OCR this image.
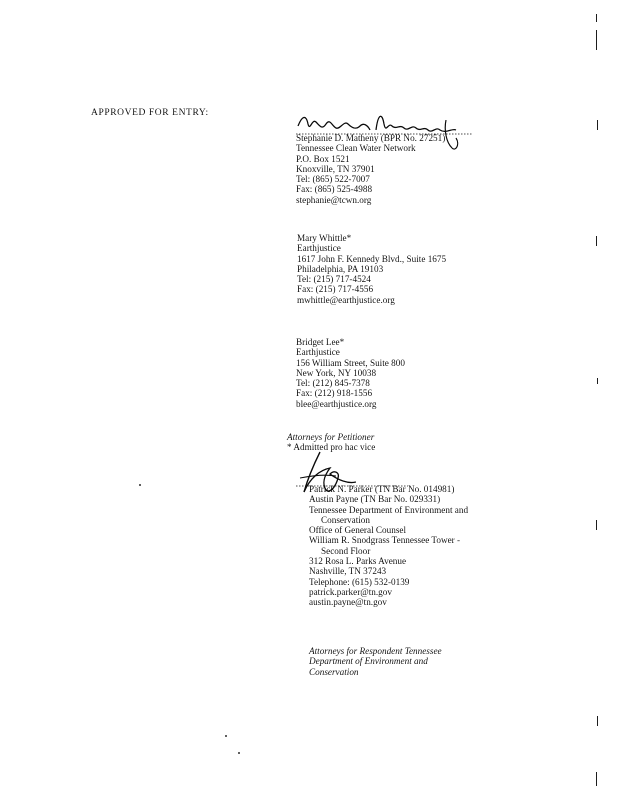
APPROVED FOR ENTRY:
Stephanie D. Matheny (BPR No. 27251)
Tennessee Clean Water Network
P.O. Box 1521
Knoxville, TN 37901
Tel: (865) 522-7007
Fax: (865) 525-4988
stephanie@tcwn.org
Mary Whittle*
Earthjustice
1617 John F. Kennedy Blvd., Suite 1675
Philadelphia, PA 19103
Tel: (215) 717-4524
Fax: (215) 717-4556
mwhittle@earthjustice.org
Bridget Lee*
Earthjustice
156 William Street, Suite 800
New York, NY 10038
Tel: (212) 845-7378
Fax: (212) 918-1556
blee@earthjustice.org
Attorneys for Petitioner
* Admitted pro hac vice
Patrick N. Parker (TN Bar No. 014981)
Austin Payne (TN Bar No. 029331)
Tennessee Department of Environment and
Conservation
Office of General Counsel
William R. Snodgrass Tennessee Tower -
Second Floor
312 Rosa L. Parks Avenue
Nashville, TN 37243
Telephone: (615) 532-0139
patrick.parker@tn.gov
austin.payne@tn.gov
Attorneys for Respondent Tennessee
Department of Environment and
Conservation
